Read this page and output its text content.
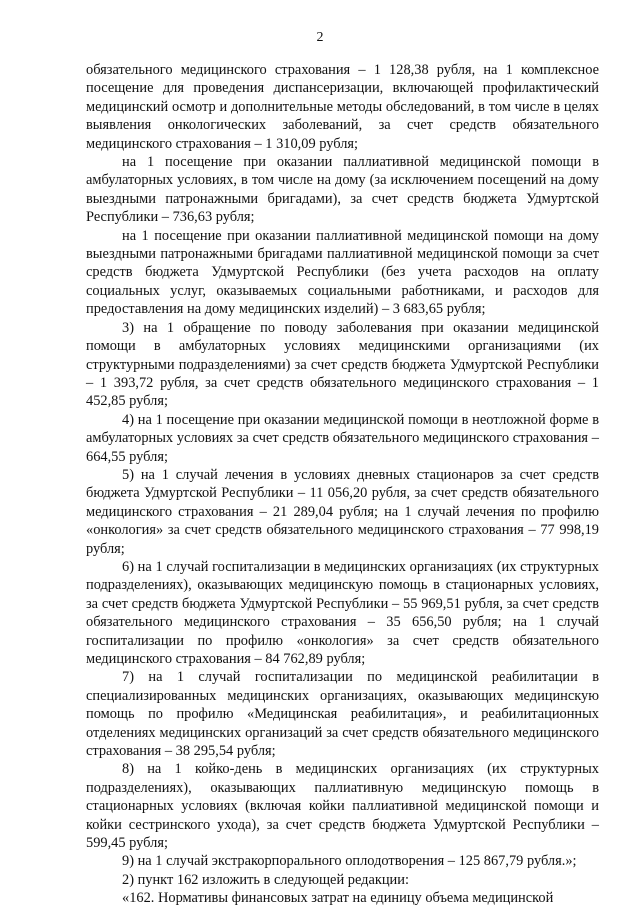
2

обязательного медицинского страхования – 1 128,38 рубля, на 1 комплексное посещение для проведения диспансеризации, включающей профилактический медицинский осмотр и дополнительные методы обследований, в том числе в целях выявления онкологических заболеваний, за счет средств обязательного медицинского страхования – 1 310,09 рубля;

на 1 посещение при оказании паллиативной медицинской помощи в амбулаторных условиях, в том числе на дому (за исключением посещений на дому выездными патронажными бригадами), за счет средств бюджета Удмуртской Республики – 736,63 рубля;

на 1 посещение при оказании паллиативной медицинской помощи на дому выездными патронажными бригадами паллиативной медицинской помощи за счет средств бюджета Удмуртской Республики (без учета расходов на оплату социальных услуг, оказываемых социальными работниками, и расходов для предоставления на дому медицинских изделий) – 3 683,65 рубля;

3) на 1 обращение по поводу заболевания при оказании медицинской помощи в амбулаторных условиях медицинскими организациями (их структурными подразделениями) за счет средств бюджета Удмуртской Республики – 1 393,72 рубля, за счет средств обязательного медицинского страхования – 1 452,85 рубля;

4) на 1 посещение при оказании медицинской помощи в неотложной форме в амбулаторных условиях за счет средств обязательного медицинского страхования – 664,55 рубля;

5) на 1 случай лечения в условиях дневных стационаров за счет средств бюджета Удмуртской Республики – 11 056,20 рубля, за счет средств обязательного медицинского страхования – 21 289,04 рубля; на 1 случай лечения по профилю «онкология» за счет средств обязательного медицинского страхования – 77 998,19 рубля;

6) на 1 случай госпитализации в медицинских организациях (их структурных подразделениях), оказывающих медицинскую помощь в стационарных условиях, за счет средств бюджета Удмуртской Республики – 55 969,51 рубля, за счет средств обязательного медицинского страхования – 35 656,50 рубля; на 1 случай госпитализации по профилю «онкология» за счет средств обязательного медицинского страхования – 84 762,89 рубля;

7) на 1 случай госпитализации по медицинской реабилитации в специализированных медицинских организациях, оказывающих медицинскую помощь по профилю «Медицинская реабилитация», и реабилитационных отделениях медицинских организаций за счет средств обязательного медицинского страхования – 38 295,54 рубля;

8) на 1 койко-день в медицинских организациях (их структурных подразделениях), оказывающих паллиативную медицинскую помощь в стационарных условиях (включая койки паллиативной медицинской помощи и койки сестринского ухода), за счет средств бюджета Удмуртской Республики – 599,45 рубля;

9) на 1 случай экстракорпорального оплодотворения – 125 867,79 рубля.»;

2) пункт 162 изложить в следующей редакции:

«162. Нормативы финансовых затрат на единицу объема медицинской
